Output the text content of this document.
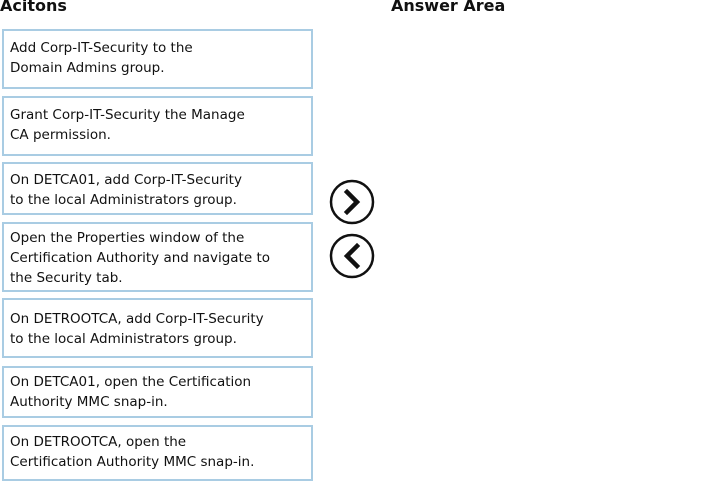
Acitons	Answer Area
Add Corp-IT-Security to the
Domain Admins group.
Grant Corp-IT-Security the Manage
CA permission.
On DETCA01, add Corp-IT-Security
to the local Administrators group.
Open the Properties window of the
Certification Authority and navigate to
the Security tab.
On DETROOTCA, add Corp-IT-Security
to the local Administrators group.
On DETCA01, open the Certification
Authority MMC snap-in.
On DETROOTCA, open the
Certification Authority MMC snap-in.
